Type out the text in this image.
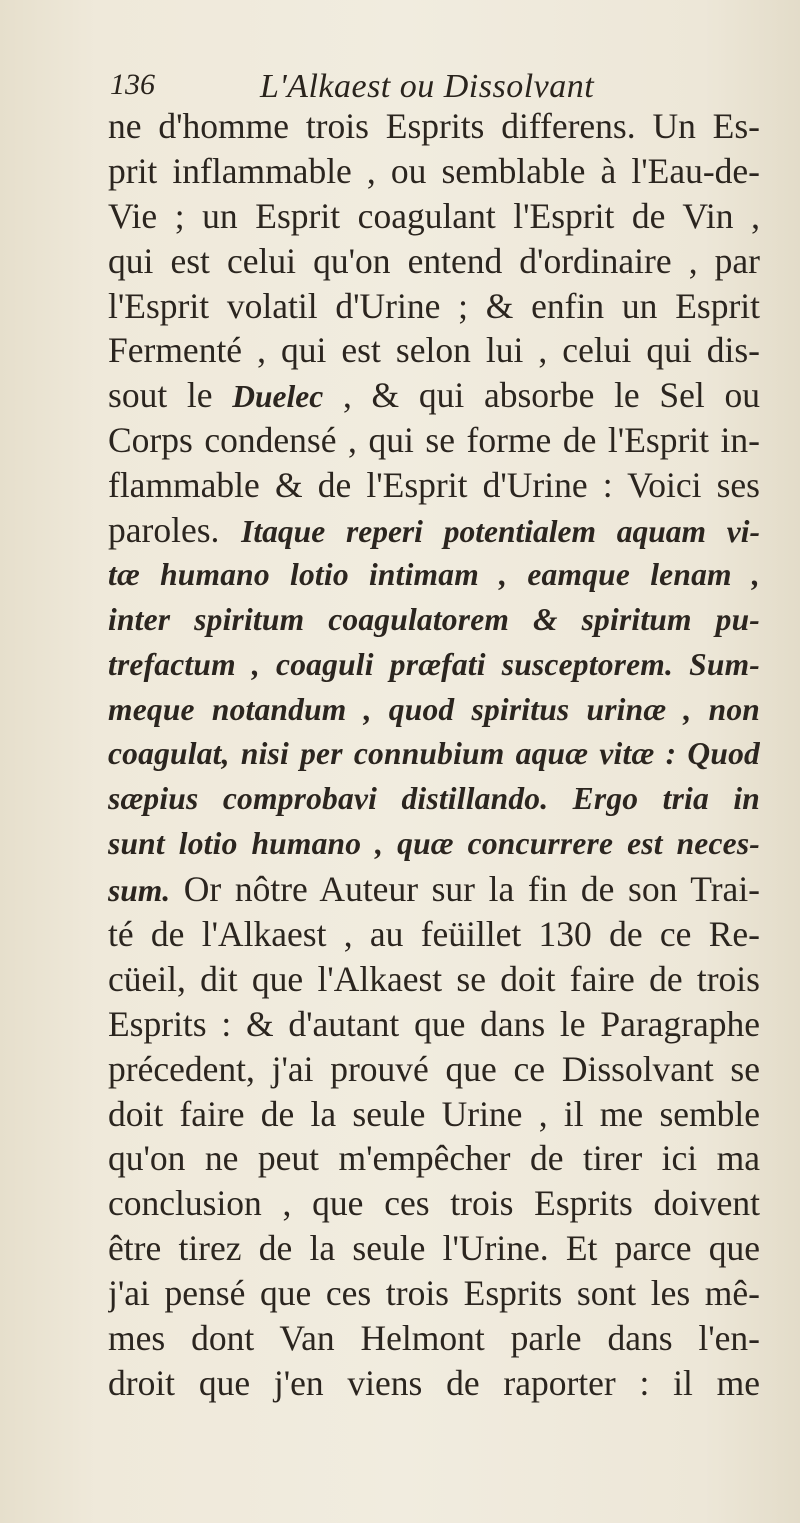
136	L'Alkaest ou Dissolvant
ne d'homme trois Esprits differens. Un Es-
prit inflammable , ou semblable à l'Eau-de-
Vie ; un Esprit coagulant l'Esprit de Vin ,
qui est celui qu'on entend d'ordinaire , par
l'Esprit volatil d'Urine ; & enfin un Esprit
Fermenté , qui est selon lui , celui qui dis-
sout le Duelec , & qui absorbe le Sel ou
Corps condensé , qui se forme de l'Esprit in-
flammable & de l'Esprit d'Urine : Voici ses
paroles. Itaque reperi potentialem aquam vi-
tæ humano lotio intimam , eamque lenam ,
inter spiritum coagulatorem & spiritum pu-
trefactum , coaguli præfati susceptorem. Sum-
meque notandum , quod spiritus urinæ , non
coagulat, nisi per connubium aquæ vitæ : Quod
sæpius comprobavi distillando. Ergo tria in
sunt lotio humano , quæ concurrere est neces-
sum. Or nôtre Auteur sur la fin de son Trai-
té de l'Alkaest , au feüillet 130 de ce Re-
cüeil, dit que l'Alkaest se doit faire de trois
Esprits : & d'autant que dans le Paragraphe
précedent, j'ai prouvé que ce Dissolvant se
doit faire de la seule Urine , il me semble
qu'on ne peut m'empêcher de tirer ici ma
conclusion , que ces trois Esprits doivent
être tirez de la seule l'Urine. Et parce que
j'ai pensé que ces trois Esprits sont les mê-
mes dont Van Helmont parle dans l'en-
droit que j'en viens de raporter : il me
